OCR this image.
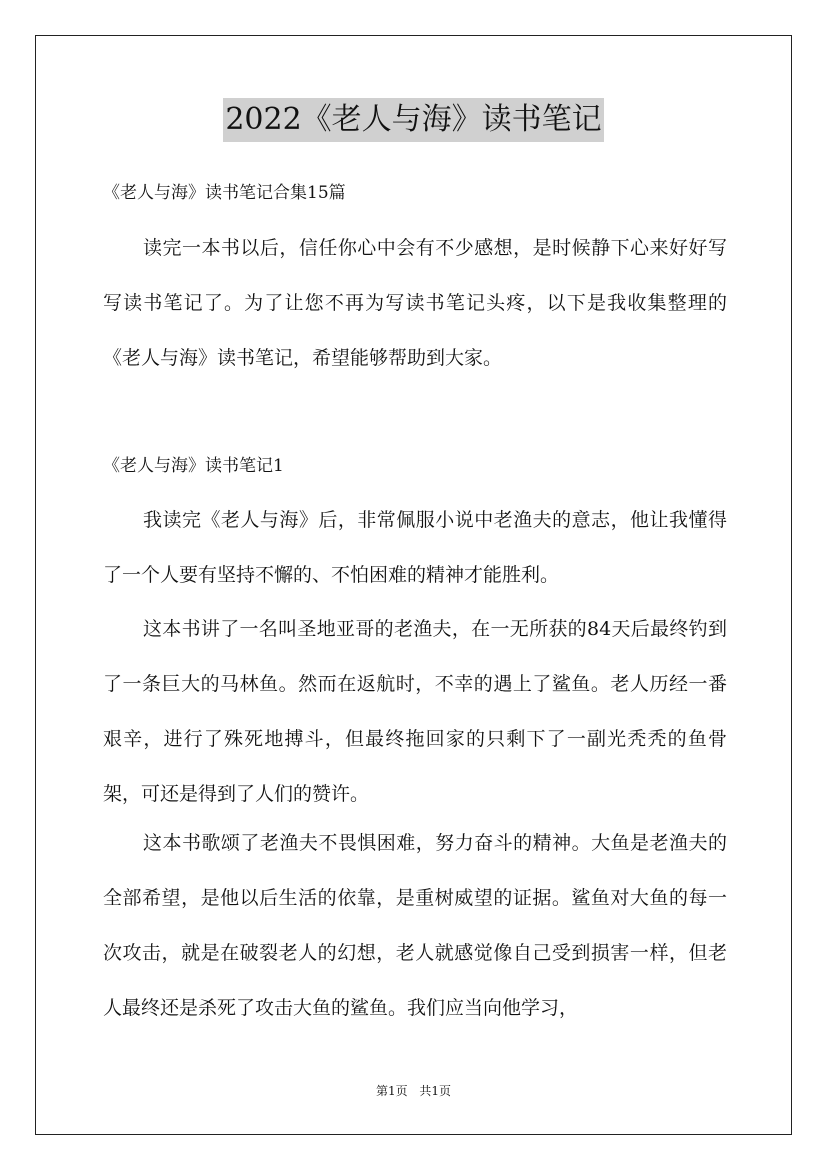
2022《老人与海》读书笔记
《老人与海》读书笔记合集15篇

读完一本书以后，信任你心中会有不少感想，是时候静下心来好好写写读书笔记了。为了让您不再为写读书笔记头疼，以下是我收集整理的《老人与海》读书笔记，希望能够帮助到大家。

《老人与海》读书笔记1

我读完《老人与海》后，非常佩服小说中老渔夫的意志，他让我懂得了一个人要有坚持不懈的、不怕困难的精神才能胜利。

这本书讲了一名叫圣地亚哥的老渔夫，在一无所获的84天后最终钓到了一条巨大的马林鱼。然而在返航时，不幸的遇上了鲨鱼。老人历经一番艰辛，进行了殊死地搏斗，但最终拖回家的只剩下了一副光秃秃的鱼骨架，可还是得到了人们的赞许。

这本书歌颂了老渔夫不畏惧困难，努力奋斗的精神。大鱼是老渔夫的全部希望，是他以后生活的依靠，是重树威望的证据。鲨鱼对大鱼的每一次攻击，就是在破裂老人的幻想，老人就感觉像自己受到损害一样，但老人最终还是杀死了攻击大鱼的鲨鱼。我们应当向他学习，

第1页 共1页
